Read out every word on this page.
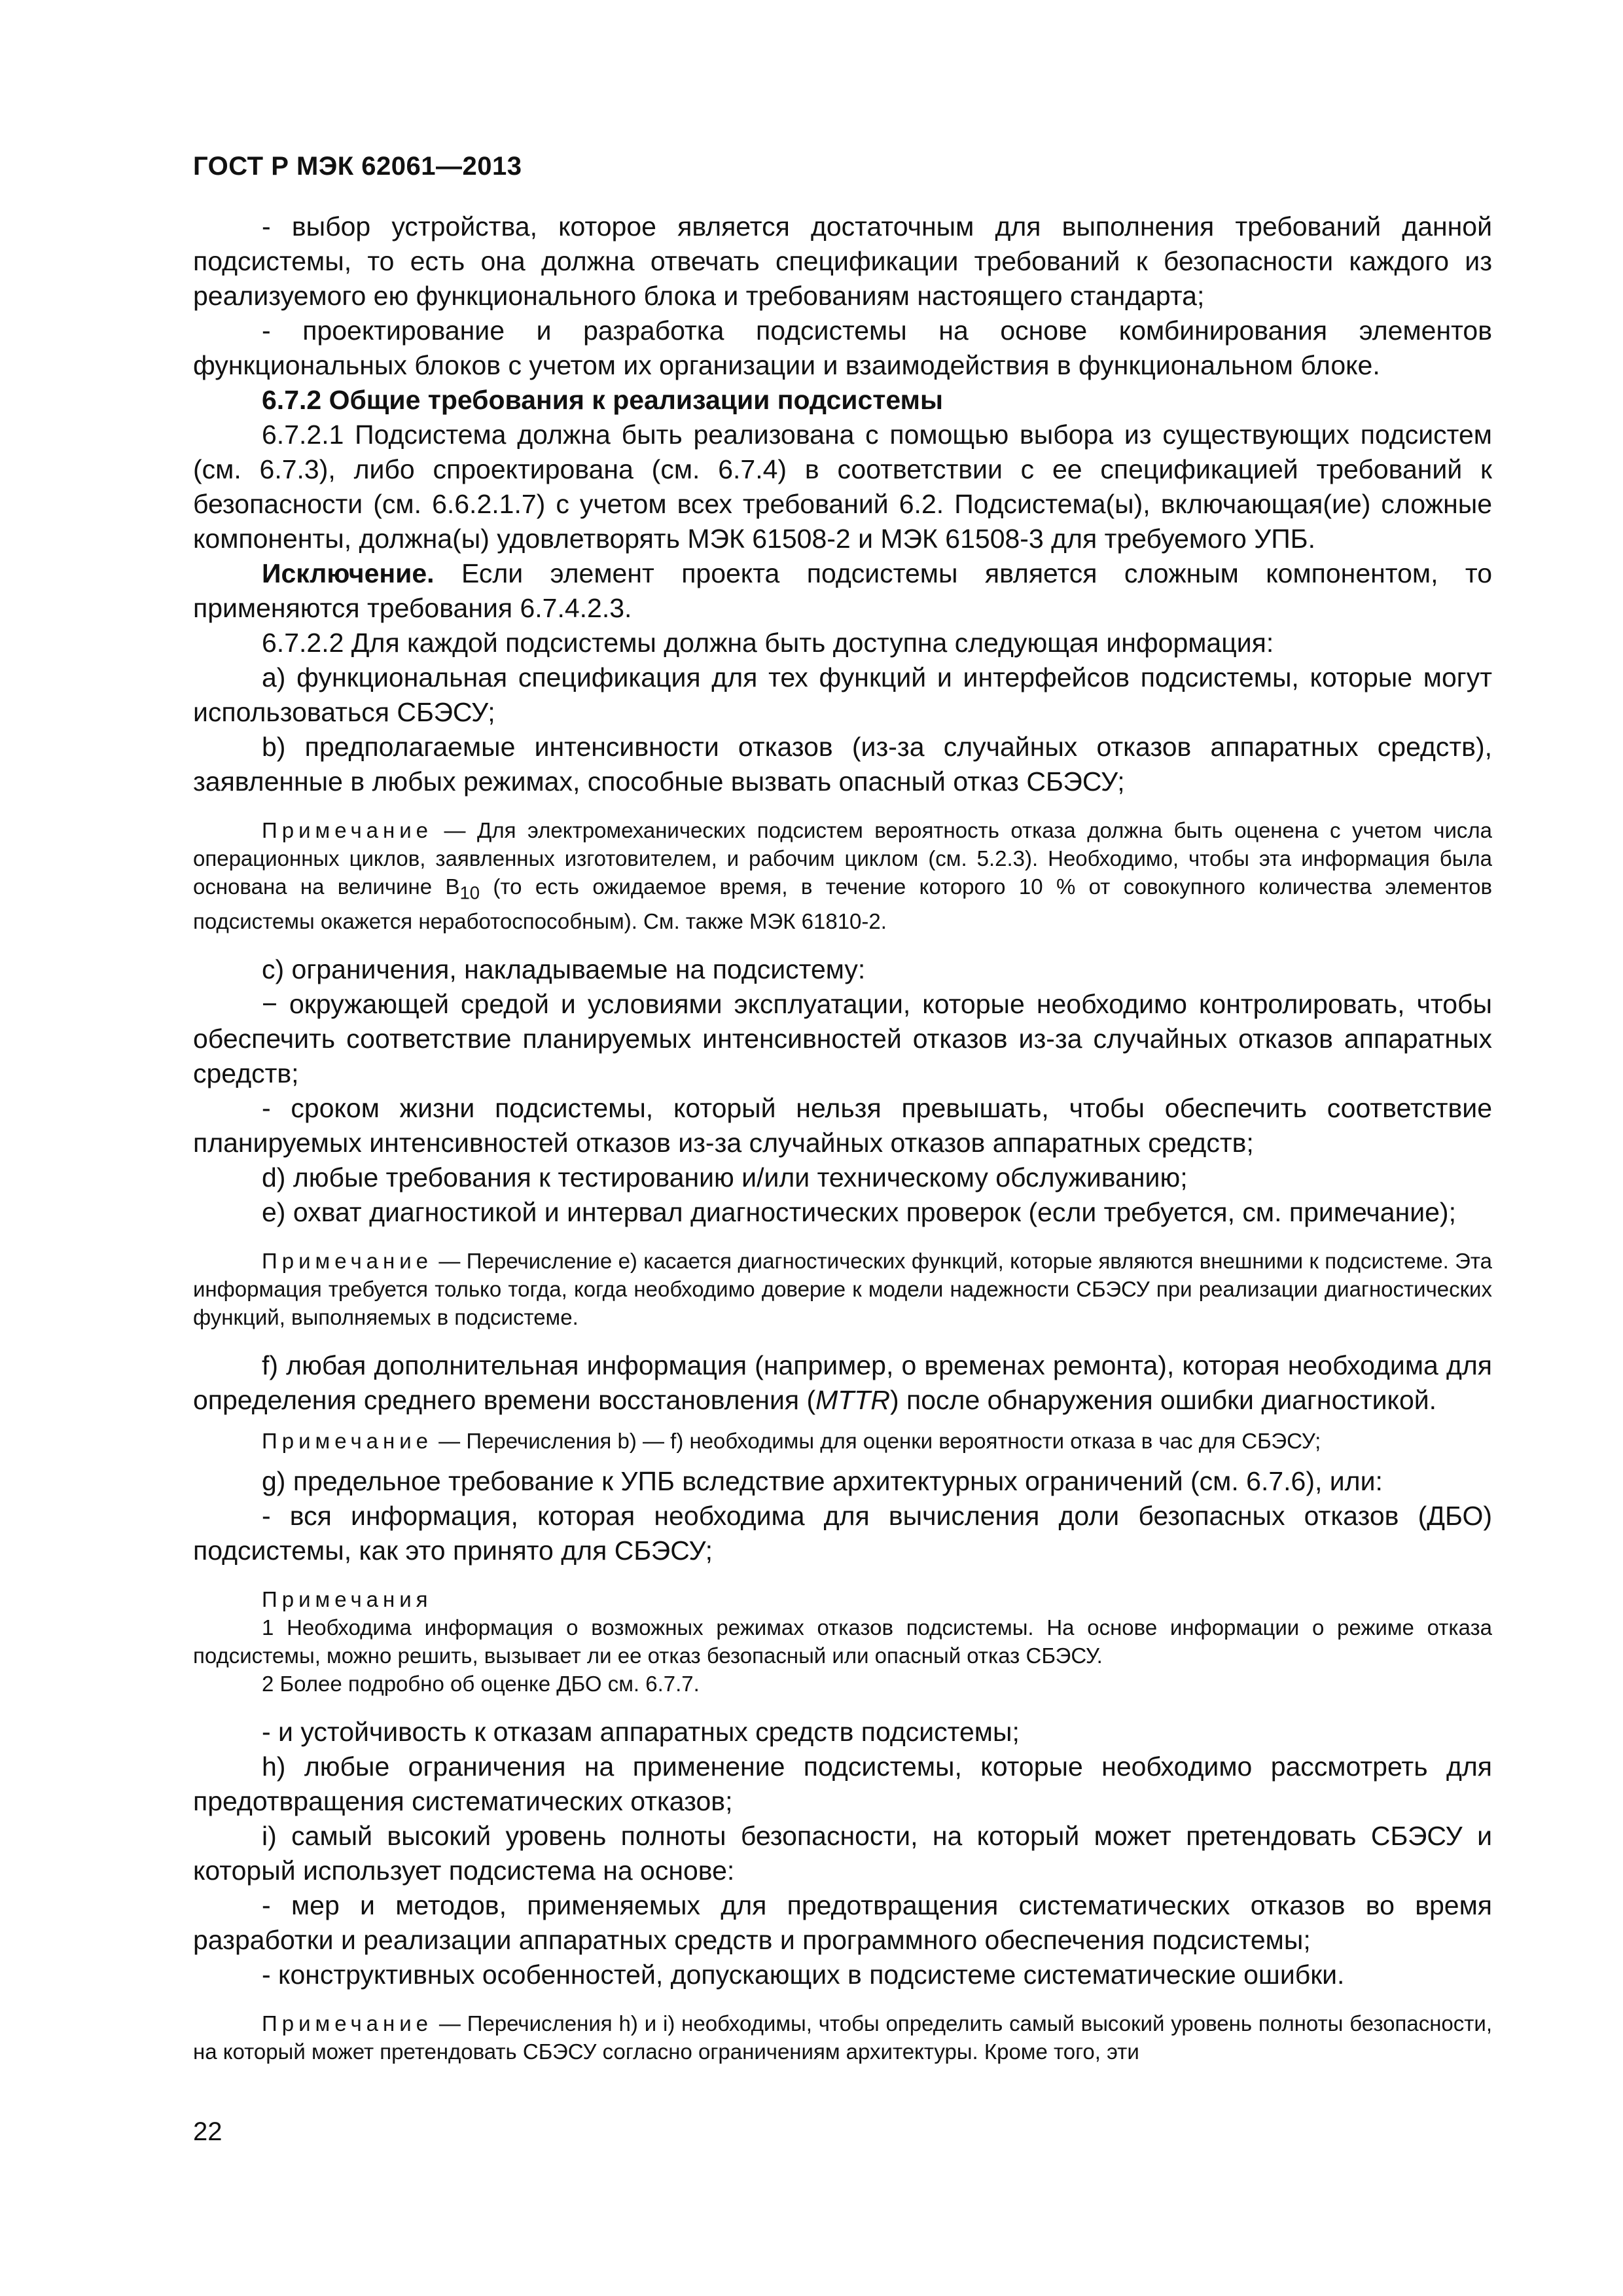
ГОСТ Р МЭК 62061—2013

- выбор устройства, которое является достаточным для выполнения требований данной подсистемы, то есть она должна отвечать спецификации требований к безопасности каждого из реализуемого ею функционального блока и требованиям настоящего стандарта;

- проектирование и разработка подсистемы на основе комбинирования элементов функциональных блоков с учетом их организации и взаимодействия в функциональном блоке.

6.7.2 Общие требования к реализации подсистемы

6.7.2.1 Подсистема должна быть реализована с помощью выбора из существующих подсистем (см. 6.7.3), либо спроектирована (см. 6.7.4) в соответствии с ее спецификацией требований к безопасности (см. 6.6.2.1.7) с учетом всех требований 6.2. Подсистема(ы), включающая(ие) сложные компоненты, должна(ы) удовлетворять МЭК 61508-2 и МЭК 61508-3 для требуемого УПБ.

Исключение. Если элемент проекта подсистемы является сложным компонентом, то применяются требования 6.7.4.2.3.

6.7.2.2 Для каждой подсистемы должна быть доступна следующая информация:

a) функциональная спецификация для тех функций и интерфейсов подсистемы, которые могут использоваться СБЭСУ;

b) предполагаемые интенсивности отказов (из-за случайных отказов аппаратных средств), заявленные в любых режимах, способные вызвать опасный отказ СБЭСУ;

Примечание — Для электромеханических подсистем вероятность отказа должна быть оценена с учетом числа операционных циклов, заявленных изготовителем, и рабочим циклом (см. 5.2.3). Необходимо, чтобы эта информация была основана на величине $B_{10}$ (то есть ожидаемое время, в течение которого 10 % от совокупного количества элементов подсистемы окажется неработоспособным). См. также МЭК 61810-2.

c) ограничения, накладываемые на подсистему:

− окружающей средой и условиями эксплуатации, которые необходимо контролировать, чтобы обеспечить соответствие планируемых интенсивностей отказов из-за случайных отказов аппаратных средств;

- сроком жизни подсистемы, который нельзя превышать, чтобы обеспечить соответствие планируемых интенсивностей отказов из-за случайных отказов аппаратных средств;

d) любые требования к тестированию и/или техническому обслуживанию;

e) охват диагностикой и интервал диагностических проверок (если требуется, см. примечание);

Примечание — Перечисление e) касается диагностических функций, которые являются внешними к подсистеме. Эта информация требуется только тогда, когда необходимо доверие к модели надежности СБЭСУ при реализации диагностических функций, выполняемых в подсистеме.

f) любая дополнительная информация (например, о временах ремонта), которая необходима для определения среднего времени восстановления (MTTR) после обнаружения ошибки диагностикой.

Примечание — Перечисления b) — f) необходимы для оценки вероятности отказа в час для СБЭСУ;

g) предельное требование к УПБ вследствие архитектурных ограничений (см. 6.7.6), или:

- вся информация, которая необходима для вычисления доли безопасных отказов (ДБО) подсистемы, как это принято для СБЭСУ;

Примечания

1 Необходима информация о возможных режимах отказов подсистемы. На основе информации о режиме отказа подсистемы, можно решить, вызывает ли ее отказ безопасный или опасный отказ СБЭСУ.

2 Более подробно об оценке ДБО см. 6.7.7.

- и устойчивость к отказам аппаратных средств подсистемы;

h) любые ограничения на применение подсистемы, которые необходимо рассмотреть для предотвращения систематических отказов;

i) самый высокий уровень полноты безопасности, на который может претендовать СБЭСУ и который использует подсистема на основе:

- мер и методов, применяемых для предотвращения систематических отказов во время разработки и реализации аппаратных средств и программного обеспечения подсистемы;

- конструктивных особенностей, допускающих в подсистеме систематические ошибки.

Примечание — Перечисления h) и i) необходимы, чтобы определить самый высокий уровень полноты безопасности, на который может претендовать СБЭСУ согласно ограничениям архитектуры. Кроме того, эти

22
